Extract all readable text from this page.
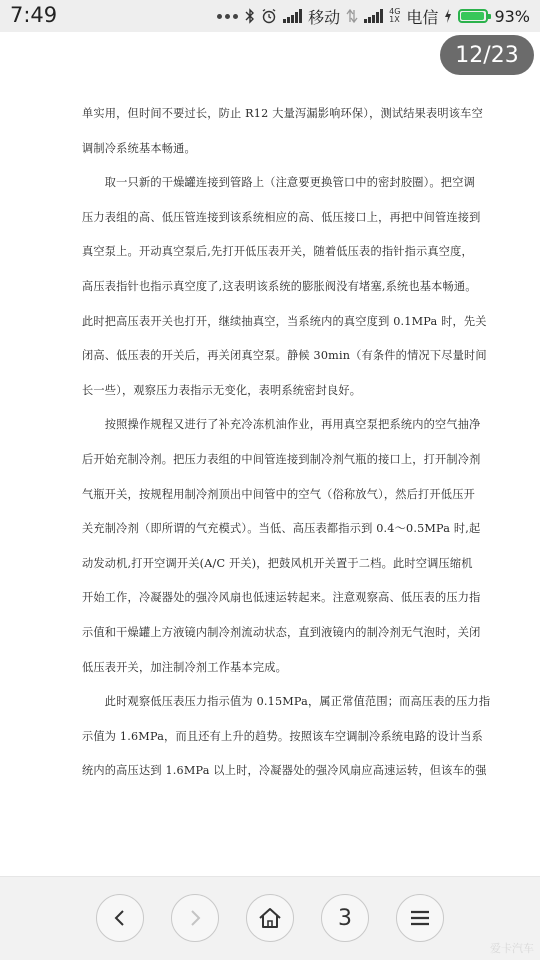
7:49	移动	4G
1X 电信	93%
单实用，但时间不要过长，防止 R12 大量泻漏影响环保），测试结果表明该车空
调制冷系统基本畅通。
　　取一只新的干燥罐连接到管路上（注意要更换管口中的密封胶圈）。把空调
压力表组的高、低压管连接到该系统相应的高、低压接口上，再把中间管连接到
真空泵上。开动真空泵后,先打开低压表开关，随着低压表的指针指示真空度，
高压表指针也指示真空度了,这表明该系统的膨胀阀没有堵塞,系统也基本畅通。
此时把高压表开关也打开，继续抽真空，当系统内的真空度到 0.1MPa 时，先关
闭高、低压表的开关后，再关闭真空泵。静候 30min（有条件的情况下尽量时间
长一些），观察压力表指示无变化，表明系统密封良好。
　　按照操作规程又进行了补充冷冻机油作业，再用真空泵把系统内的空气抽净
后开始充制冷剂。把压力表组的中间管连接到制冷剂气瓶的接口上，打开制冷剂
气瓶开关，按规程用制冷剂顶出中间管中的空气（俗称放气），然后打开低压开
关充制冷剂（即所谓的气充模式）。当低、高压表都指示到 0.4～0.5MPa 时,起
动发动机,打开空调开关(A/C 开关)，把鼓风机开关置于二档。此时空调压缩机
开始工作，冷凝器处的强冷风扇也低速运转起来。注意观察高、低压表的压力指
示值和干燥罐上方液镜内制冷剂流动状态，直到液镜内的制冷剂无气泡时，关闭
低压表开关，加注制冷剂工作基本完成。
　　此时观察低压表压力指示值为 0.15MPa，属正常值范围；而高压表的压力指
示值为 1.6MPa，而且还有上升的趋势。按照该车空调制冷系统电路的设计当系
统内的高压达到 1.6MPa 以上时，冷凝器处的强冷风扇应高速运转，但该车的强
12/23
3
爱卡汽车
